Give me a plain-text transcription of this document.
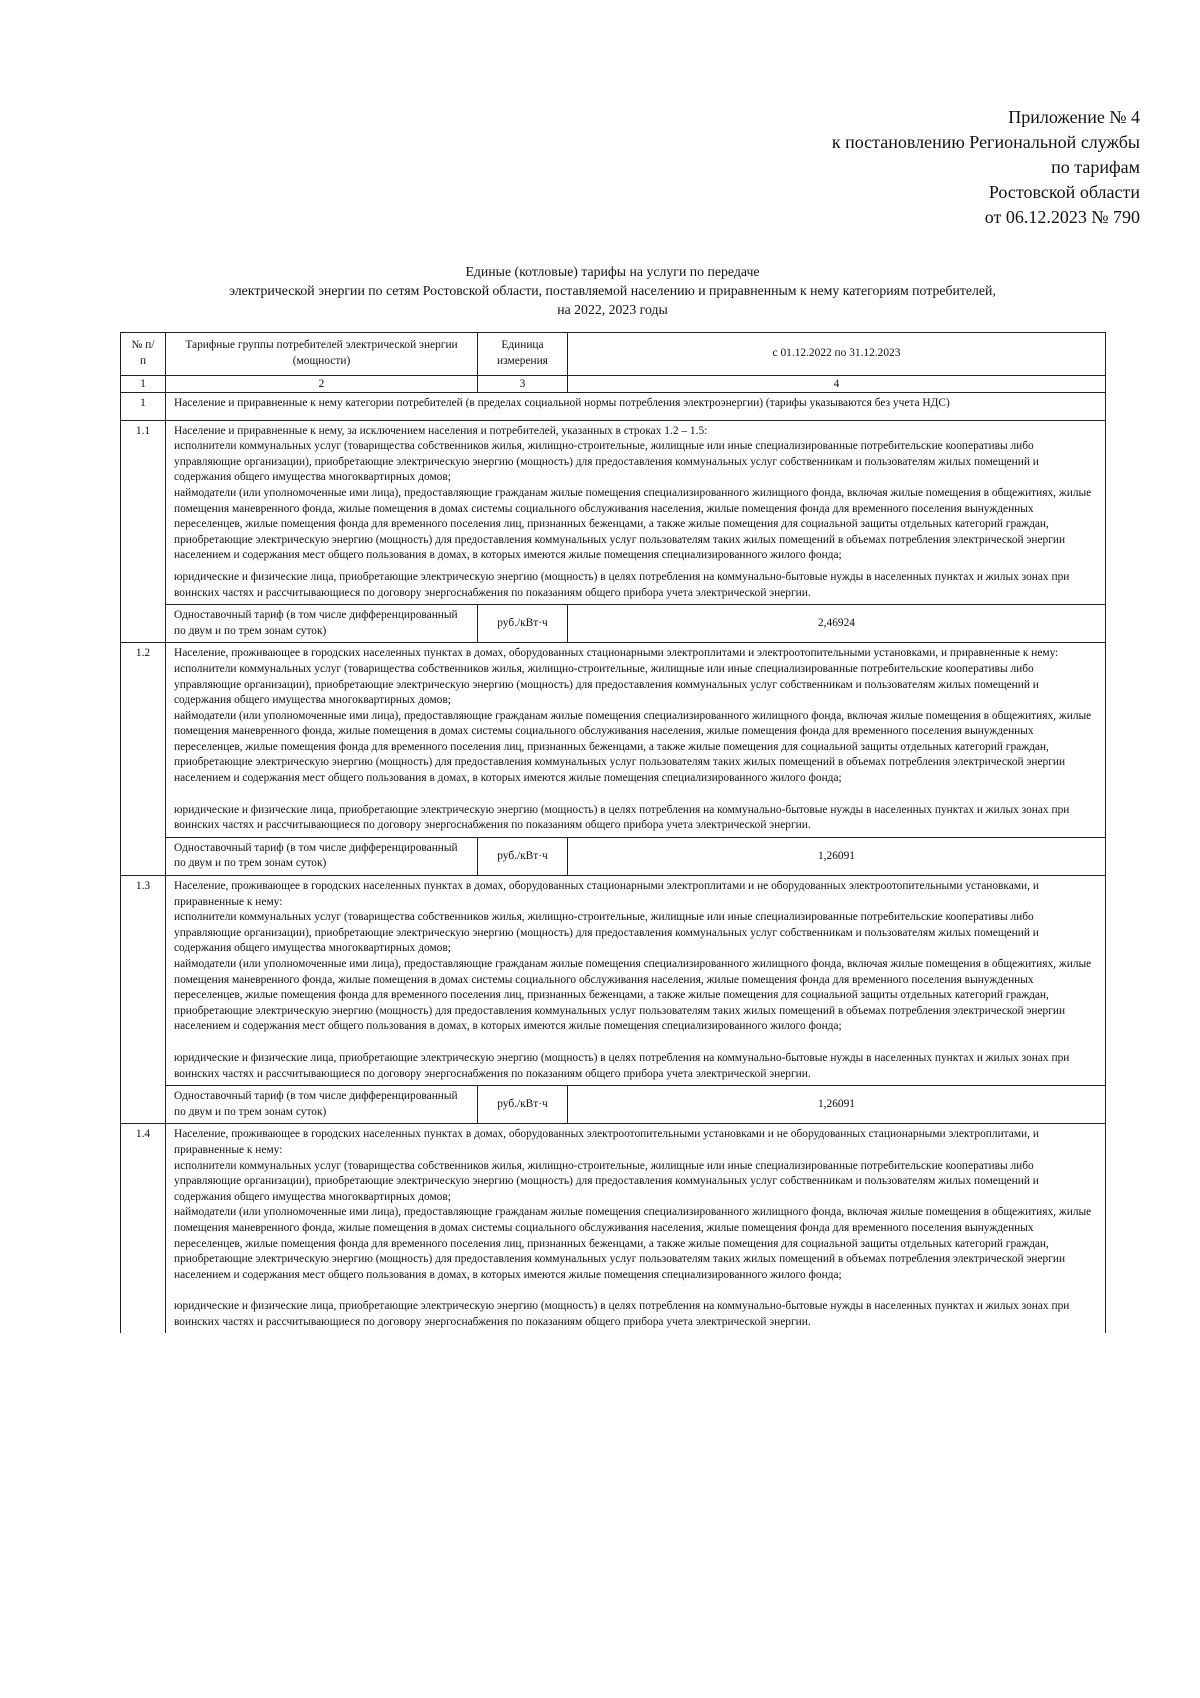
Приложение № 4
к постановлению Региональной службы
по тарифам
Ростовской области
от 06.12.2023 № 790
Единые (котловые) тарифы на услуги по передаче
электрической энергии по сетям Ростовской области, поставляемой населению и приравненным к нему категориям потребителей,
на 2022, 2023 годы
№ п/п	Тарифные группы потребителей электрической энергии (мощности)	Единица измерения	с 01.12.2022 по 31.12.2023
1	2	3	4
1	Население и приравненные к нему категории потребителей (в пределах социальной нормы потребления электроэнергии) (тарифы указываются без учета НДС)		
1.1	Население и приравненные к нему, за исключением населения и потребителей, указанных в строках 1.2 – 1.5:
исполнители коммунальных услуг (товарищества собственников жилья, жилищно-строительные, жилищные или иные специализированные потребительские кооперативы либо управляющие организации), приобретающие электрическую энергию (мощность) для предоставления коммунальных услуг собственникам и пользователям жилых помещений и содержания общего имущества многоквартирных домов;
наймодатели (или уполномоченные ими лица), предоставляющие гражданам жилые помещения специализированного жилищного фонда, включая жилые помещения в общежитиях, жилые помещения маневренного фонда, жилые помещения в домах системы социального обслуживания населения, жилые помещения фонда для временного поселения вынужденных переселенцев, жилые помещения фонда для временного поселения лиц, признанных беженцами, а также жилые помещения для социальной защиты отдельных категорий граждан, приобретающие электрическую энергию (мощность) для предоставления коммунальных услуг пользователям таких жилых помещений в объемах потребления электрической энергии населением и содержания мест общего пользования в домах, в которых имеются жилые помещения специализированного жилого фонда;
юридические и физические лица, приобретающие электрическую энергию (мощность) в целях потребления на коммунально-бытовые нужды в населенных пунктах и жилых зонах при воинских частях и рассчитывающиеся по договору энергоснабжения по показаниям общего прибора учета электрической энергии.		

	Одноставочный тариф (в том числе дифференцированный по двум и по трем зонам суток)	руб./кВт·ч	2,46924
1.2	Население, проживающее в городских населенных пунктах в домах, оборудованных стационарными электроплитами и электроотопительными установками, и приравненные к нему:
исполнители коммунальных услуг (товарищества собственников жилья, жилищно-строительные, жилищные или иные специализированные потребительские кооперативы либо управляющие организации), приобретающие электрическую энергию (мощность) для предоставления коммунальных услуг собственникам и пользователям жилых помещений и содержания общего имущества многоквартирных домов;
наймодатели (или уполномоченные ими лица), предоставляющие гражданам жилые помещения специализированного жилищного фонда, включая жилые помещения в общежитиях, жилые помещения маневренного фонда, жилые помещения в домах системы социального обслуживания населения, жилые помещения фонда для временного поселения вынужденных переселенцев, жилые помещения фонда для временного поселения лиц, признанных беженцами, а также жилые помещения для социальной защиты отдельных категорий граждан, приобретающие электрическую энергию (мощность) для предоставления коммунальных услуг пользователям таких жилых помещений в объемах потребления электрической энергии населением и содержания мест общего пользования в домах, в которых имеются жилые помещения специализированного жилого фонда;
юридические и физические лица, приобретающие электрическую энергию (мощность) в целях потребления на коммунально-бытовые нужды в населенных пунктах и жилых зонах при воинских частях и рассчитывающиеся по договору энергоснабжения по показаниям общего прибора учета электрической энергии.		

	Одноставочный тариф (в том числе дифференцированный по двум и по трем зонам суток)	руб./кВт·ч	1,26091
1.3	Население, проживающее в городских населенных пунктах в домах, оборудованных стационарными электроплитами и не оборудованных электроотопительными установками, и приравненные к нему:
исполнители коммунальных услуг (товарищества собственников жилья, жилищно-строительные, жилищные или иные специализированные потребительские кооперативы либо управляющие организации), приобретающие электрическую энергию (мощность) для предоставления коммунальных услуг собственникам и пользователям жилых помещений и содержания общего имущества многоквартирных домов;
наймодатели (или уполномоченные ими лица), предоставляющие гражданам жилые помещения специализированного жилищного фонда, включая жилые помещения в общежитиях, жилые помещения маневренного фонда, жилые помещения в домах системы социального обслуживания населения, жилые помещения фонда для временного поселения вынужденных переселенцев, жилые помещения фонда для временного поселения лиц, признанных беженцами, а также жилые помещения для социальной защиты отдельных категорий граждан, приобретающие электрическую энергию (мощность) для предоставления коммунальных услуг пользователям таких жилых помещений в объемах потребления электрической энергии населением и содержания мест общего пользования в домах, в которых имеются жилые помещения специализированного жилого фонда;
юридические и физические лица, приобретающие электрическую энергию (мощность) в целях потребления на коммунально-бытовые нужды в населенных пунктах и жилых зонах при воинских частях и рассчитывающиеся по договору энергоснабжения по показаниям общего прибора учета электрической энергии.		

	Одноставочный тариф (в том числе дифференцированный по двум и по трем зонам суток)	руб./кВт·ч	1,26091
1.4	Население, проживающее в городских населенных пунктах в домах, оборудованных электроотопительными установками и не оборудованных стационарными электроплитами, и приравненные к нему:
исполнители коммунальных услуг (товарищества собственников жилья, жилищно-строительные, жилищные или иные специализированные потребительские кооперативы либо управляющие организации), приобретающие электрическую энергию (мощность) для предоставления коммунальных услуг собственникам и пользователям жилых помещений и содержания общего имущества многоквартирных домов;
наймодатели (или уполномоченные ими лица), предоставляющие гражданам жилые помещения специализированного жилищного фонда, включая жилые помещения в общежитиях, жилые помещения маневренного фонда, жилые помещения в домах системы социального обслуживания населения, жилые помещения фонда для временного поселения вынужденных переселенцев, жилые помещения фонда для временного поселения лиц, признанных беженцами, а также жилые помещения для социальной защиты отдельных категорий граждан, приобретающие электрическую энергию (мощность) для предоставления коммунальных услуг пользователям таких жилых помещений в объемах потребления электрической энергии населением и содержания мест общего пользования в домах, в которых имеются жилые помещения специализированного жилого фонда;
юридические и физические лица, приобретающие электрическую энергию (мощность) в целях потребления на коммунально-бытовые нужды в населенных пунктах и жилых зонах при воинских частях и рассчитывающиеся по договору энергоснабжения по показаниям общего прибора учета электрической энергии.		
